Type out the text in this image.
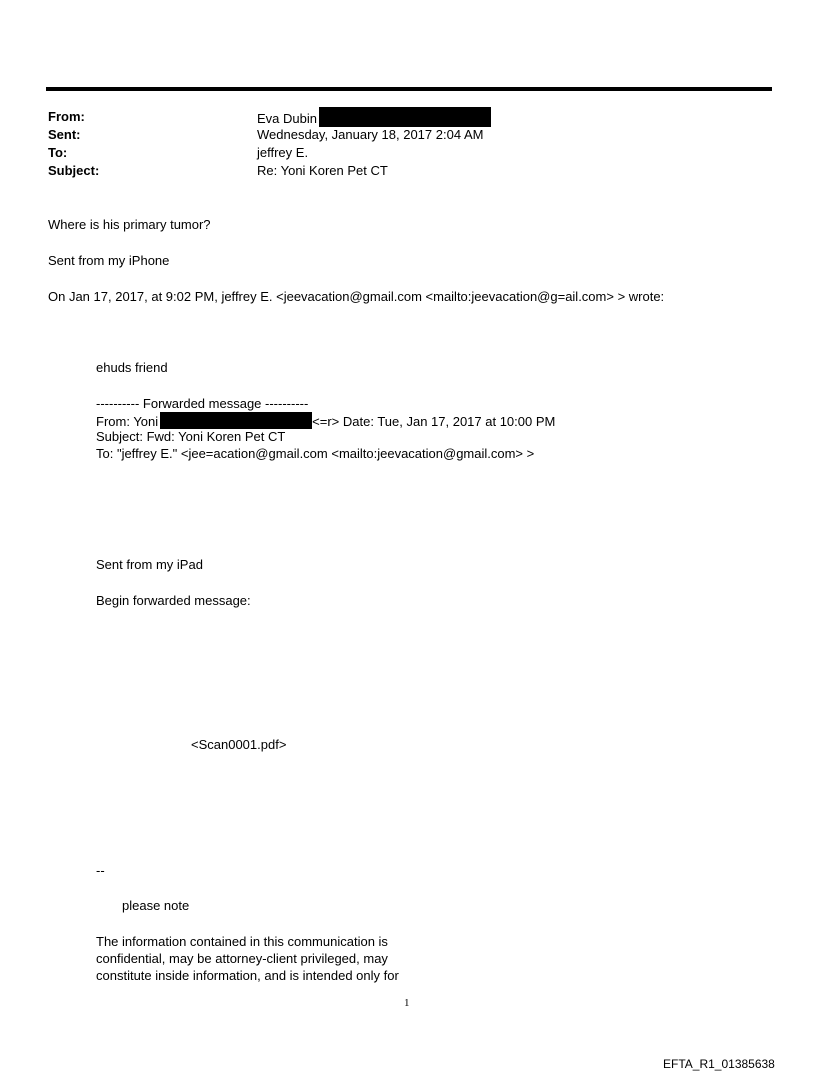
From:	Eva Dubin
Sent:	Wednesday, January 18, 2017 2:04 AM
To:	jeffrey E.
Subject:	Re: Yoni Koren Pet CT
Where is his primary tumor?
Sent from my iPhone
On Jan 17, 2017, at 9:02 PM, jeffrey E. <jeevacation@gmail.com <mailto:jeevacation@g=ail.com> > wrote:
ehuds friend
---------- Forwarded message ----------
From: Yoni	<=r> Date: Tue, Jan 17, 2017 at 10:00 PM
Subject: Fwd: Yoni Koren Pet CT
To: "jeffrey E." <jee=acation@gmail.com <mailto:jeevacation@gmail.com> >
Sent from my iPad
Begin forwarded message:
<Scan0001.pdf>
--
please note
The information contained in this communication is
confidential, may be attorney-client privileged, may
constitute inside information, and is intended only for
1
EFTA_R1_01385638
